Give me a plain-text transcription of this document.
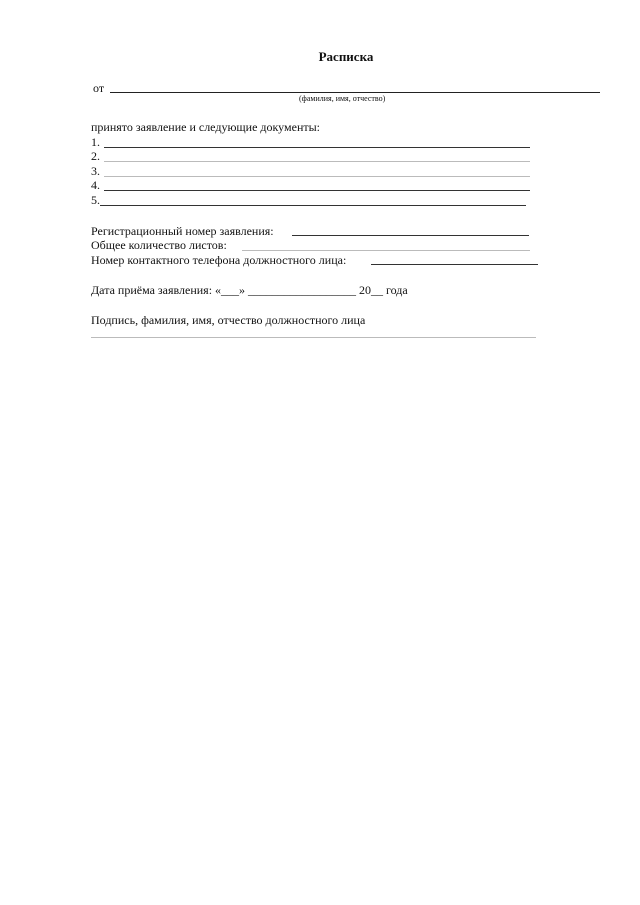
Расписка
от
(фамилия, имя, отчество)
принято заявление и следующие документы:
1.
2.
3.
4.
5.
Регистрационный номер заявления:
Общее количество листов:
Номер контактного телефона должностного лица:
Дата приёма заявления: «___» __________________ 20__ года
Подпись, фамилия, имя, отчество должностного лица
